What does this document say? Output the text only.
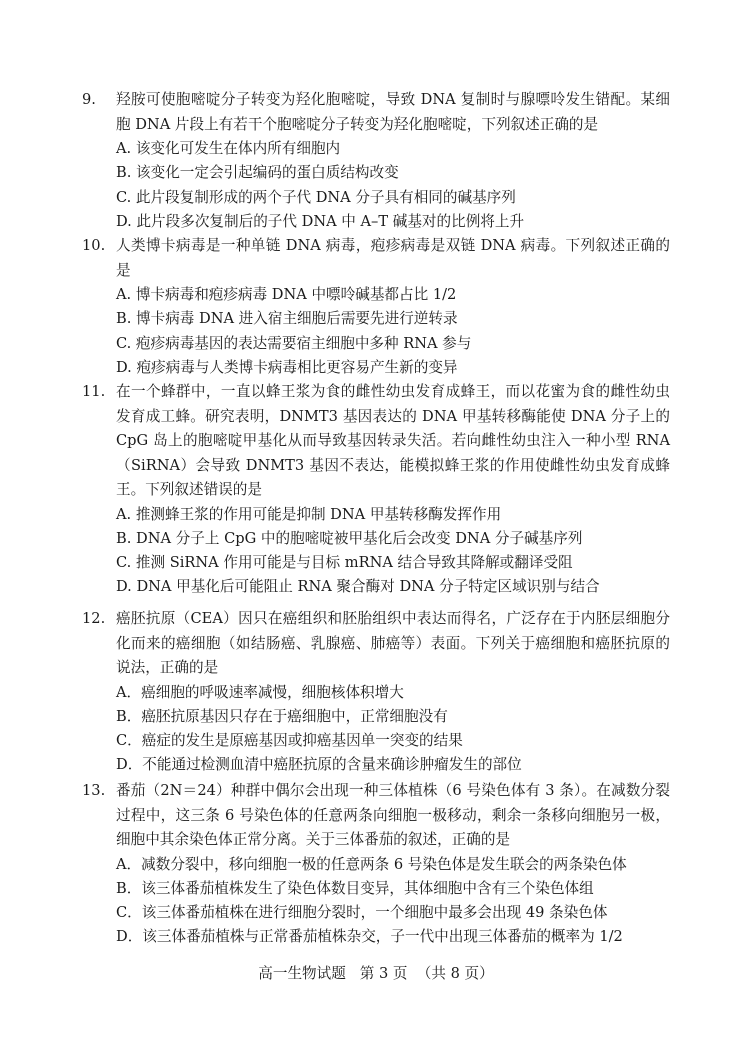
9.	羟胺可使胞嘧啶分子转变为羟化胞嘧啶，导致 DNA 复制时与腺嘌呤发生错配。某细胞 DNA 片段上有若干个胞嘧啶分子转变为羟化胞嘧啶，下列叙述正确的是
A. 该变化可发生在体内所有细胞内
B. 该变化一定会引起编码的蛋白质结构改变
C. 此片段复制形成的两个子代 DNA 分子具有相同的碱基序列
D. 此片段多次复制后的子代 DNA 中 A–T 碱基对的比例将上升
10. 人类博卡病毒是一种单链 DNA 病毒，疱疹病毒是双链 DNA 病毒。下列叙述正确的是
A. 博卡病毒和疱疹病毒 DNA 中嘌呤碱基都占比 1/2
B. 博卡病毒 DNA 进入宿主细胞后需要先进行逆转录
C. 疱疹病毒基因的表达需要宿主细胞中多种 RNA 参与
D. 疱疹病毒与人类博卡病毒相比更容易产生新的变异
11. 在一个蜂群中，一直以蜂王浆为食的雌性幼虫发育成蜂王，而以花蜜为食的雌性幼虫发育成工蜂。研究表明，DNMT3 基因表达的 DNA 甲基转移酶能使 DNA 分子上的 CpG 岛上的胞嘧啶甲基化从而导致基因转录失活。若向雌性幼虫注入一种小型 RNA（SiRNA）会导致 DNMT3 基因不表达，能模拟蜂王浆的作用使雌性幼虫发育成蜂王。下列叙述错误的是
A. 推测蜂王浆的作用可能是抑制 DNA 甲基转移酶发挥作用
B. DNA 分子上 CpG 中的胞嘧啶被甲基化后会改变 DNA 分子碱基序列
C. 推测 SiRNA 作用可能是与目标 mRNA 结合导致其降解或翻译受阻
D. DNA 甲基化后可能阻止 RNA 聚合酶对 DNA 分子特定区域识别与结合
12. 癌胚抗原（CEA）因只在癌组织和胚胎组织中表达而得名，广泛存在于内胚层细胞分化而来的癌细胞（如结肠癌、乳腺癌、肺癌等）表面。下列关于癌细胞和癌胚抗原的说法，正确的是
A．癌细胞的呼吸速率减慢，细胞核体积增大
B．癌胚抗原基因只存在于癌细胞中，正常细胞没有
C．癌症的发生是原癌基因或抑癌基因单一突变的结果
D．不能通过检测血清中癌胚抗原的含量来确诊肿瘤发生的部位
13. 番茄（2N＝24）种群中偶尔会出现一种三体植株（6 号染色体有 3 条）。在减数分裂过程中，这三条 6 号染色体的任意两条向细胞一极移动，剩余一条移向细胞另一极，细胞中其余染色体正常分离。关于三体番茄的叙述，正确的是
A．减数分裂中，移向细胞一极的任意两条 6 号染色体是发生联会的两条染色体
B．该三体番茄植株发生了染色体数目变异，其体细胞中含有三个染色体组
C．该三体番茄植株在进行细胞分裂时，一个细胞中最多会出现 49 条染色体
D．该三体番茄植株与正常番茄植株杂交，子一代中出现三体番茄的概率为 1/2
高一生物试题 第 3 页 （共 8 页）
